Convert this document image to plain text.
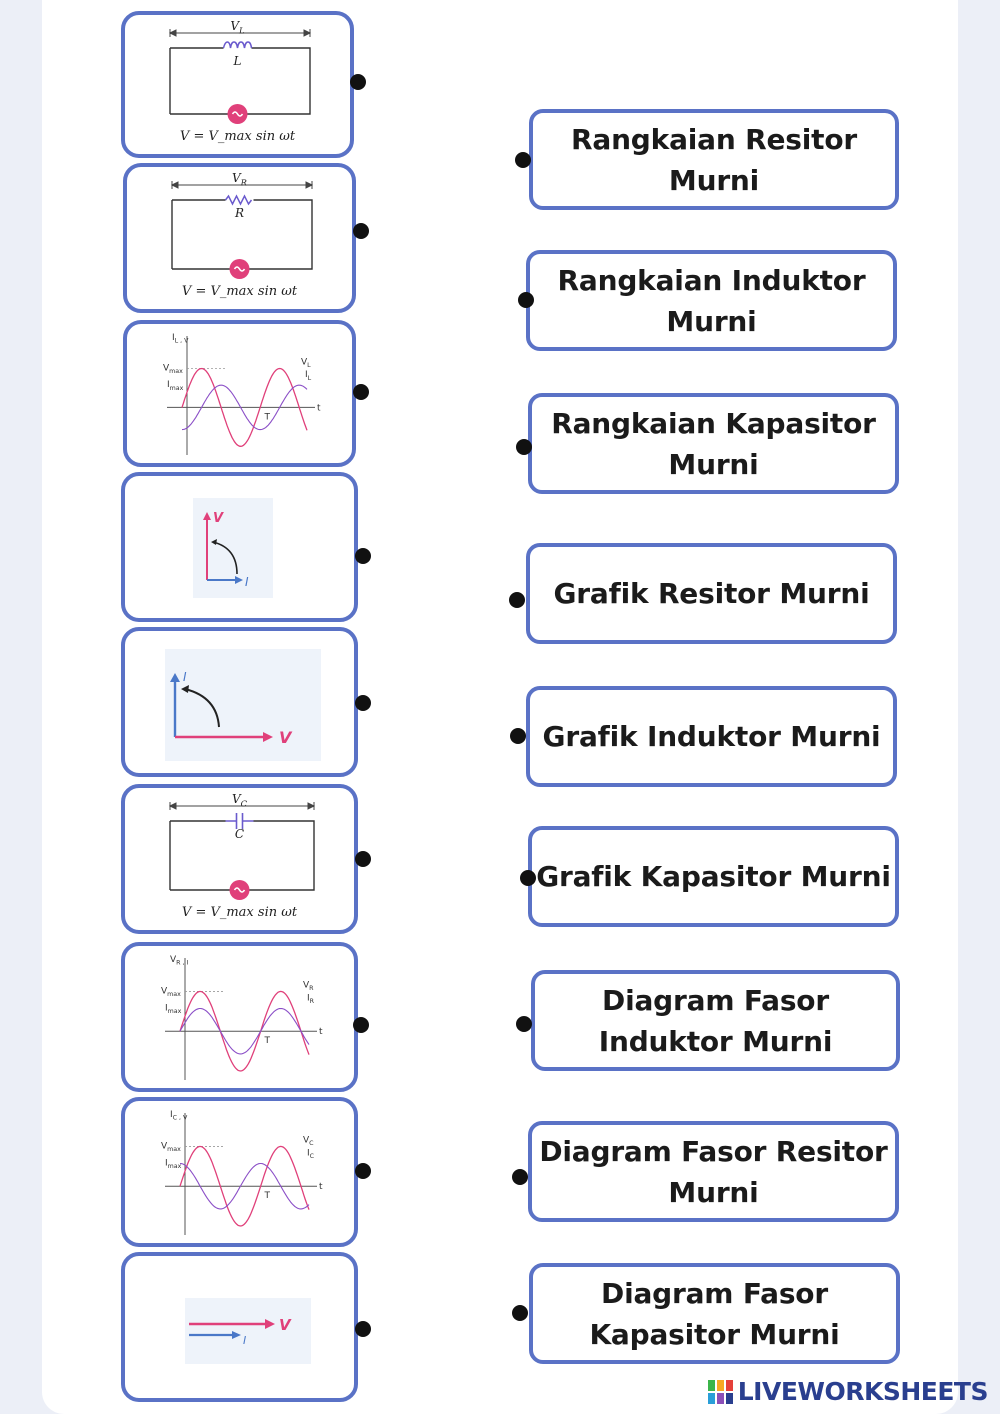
$V_L$
L
V = V_max sin ωt
$V_R$
R
V = V_max sin ωt
$I_{L , V}$
$V_{max}$
$I_{max}$
t
T
$V_L$
$I_L$
V
I
V
I
$V_C$
C
V = V_max sin ωt
$V_{R , I}$
$V_{max}$
$I_{max}$
t
T
$V_R$
$I_R$
$I_{C , V}$
$V_{max}$
$I_{max}$
t
T
$V_C$
$I_C$
V
I
Rangkaian Resitor
Murni
Rangkaian Induktor
Murni
Rangkaian Kapasitor
Murni
Grafik Resitor Murni
Grafik Induktor Murni
Grafik Kapasitor Murni
Diagram Fasor
Induktor Murni
Diagram Fasor Resitor
Murni
Diagram Fasor
Kapasitor Murni
LIVEWORKSHEETS
